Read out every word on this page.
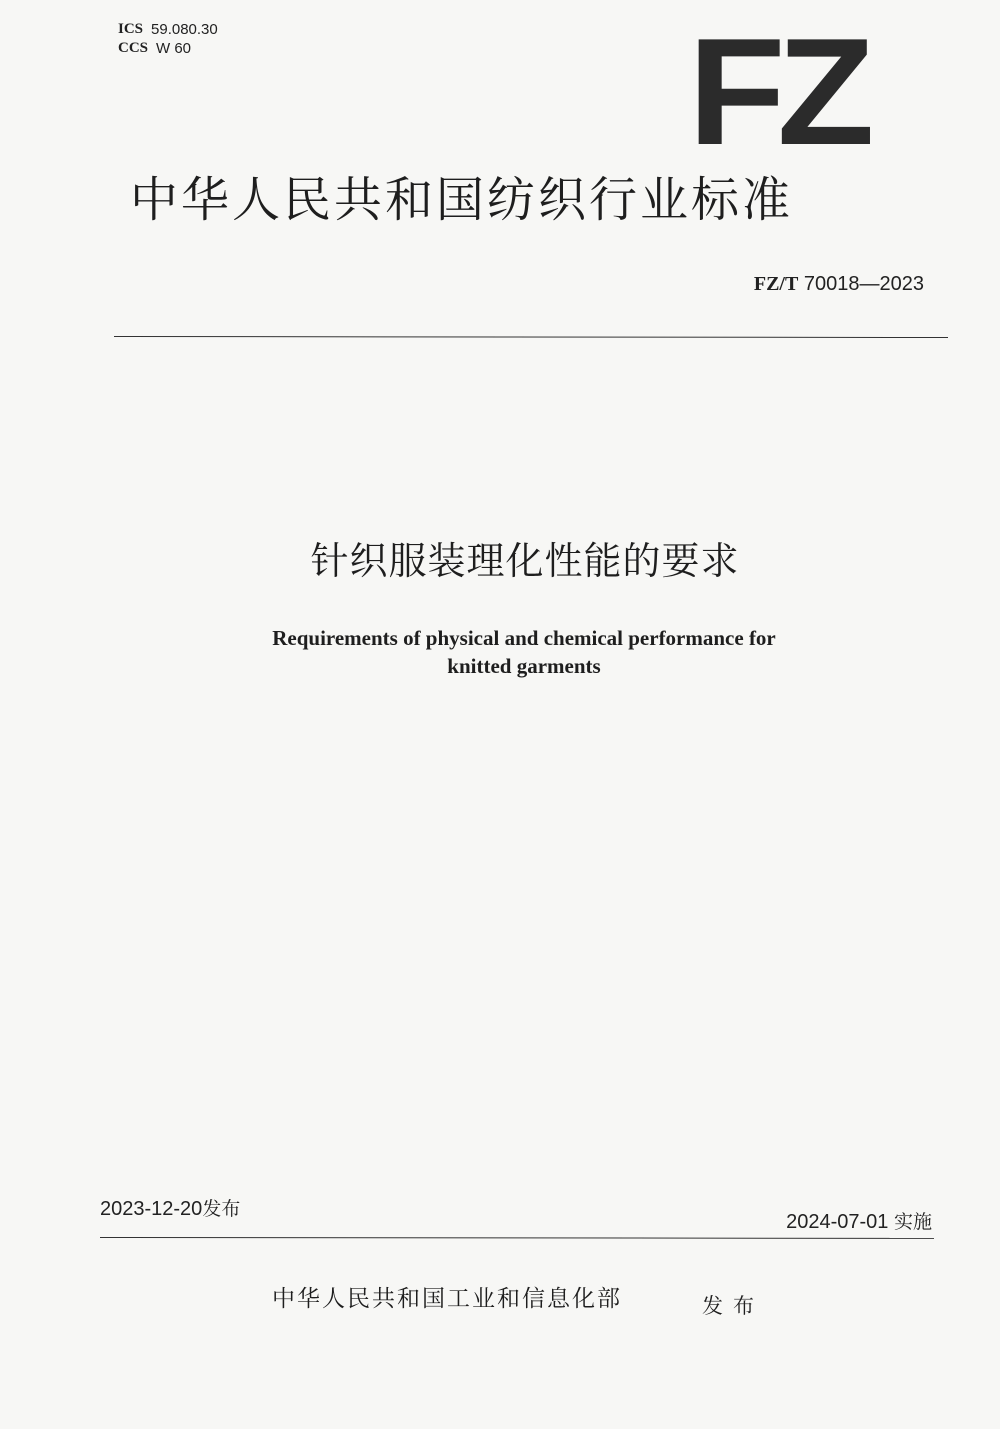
ICS 59.080.30
CCS W 60	FZ
中华人民共和国纺织行业标准
FZ/T 70018—2023
针织服装理化性能的要求
Requirements of physical and chemical performance for
knitted garments
2023-12-20发布
2024-07-01 实施
中华人民共和国工业和信息化部	发布
